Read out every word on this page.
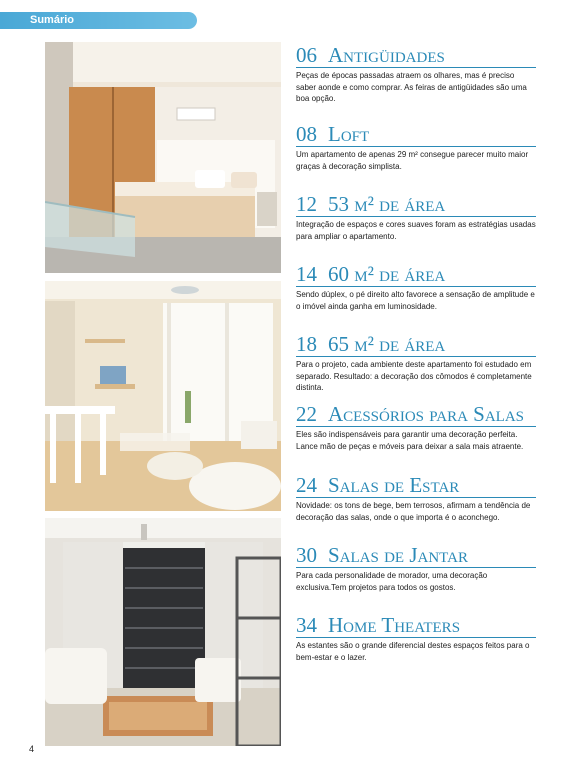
Sumário
06 Antigüidades
Peças de épocas passadas atraem os olhares, mas é preciso saber aonde e como comprar. As feiras de antigüidades são uma boa opção.
08 Loft
Um apartamento de apenas 29 m² consegue parecer muito maior graças à decoração simplista.
12 53 m² de área
Integração de espaços e cores suaves foram as estratégias usadas para ampliar o apartamento.
14 60 m² de área
Sendo dúplex, o pé direito alto favorece a sensação de amplitude e o imóvel ainda ganha em luminosidade.
18 65 m² de área
Para o projeto, cada ambiente deste apartamento foi estudado em separado. Resultado: a decoração dos cômodos é completamente distinta.
22 Acessórios para Salas
Eles são indispensáveis para garantir uma decoração perfeita. Lance mão de peças e móveis para deixar a sala mais atraente.
24 Salas de Estar
Novidade: os tons de bege, bem terrosos, afirmam a tendência de decoração das salas, onde o que importa é o aconchego.
30 Salas de Jantar
Para cada personalidade de morador, uma decoração exclusiva.Tem projetos para todos os gostos.
34 Home Theaters
As estantes são o grande diferencial destes espaços feitos para o bem-estar e o lazer.
4
